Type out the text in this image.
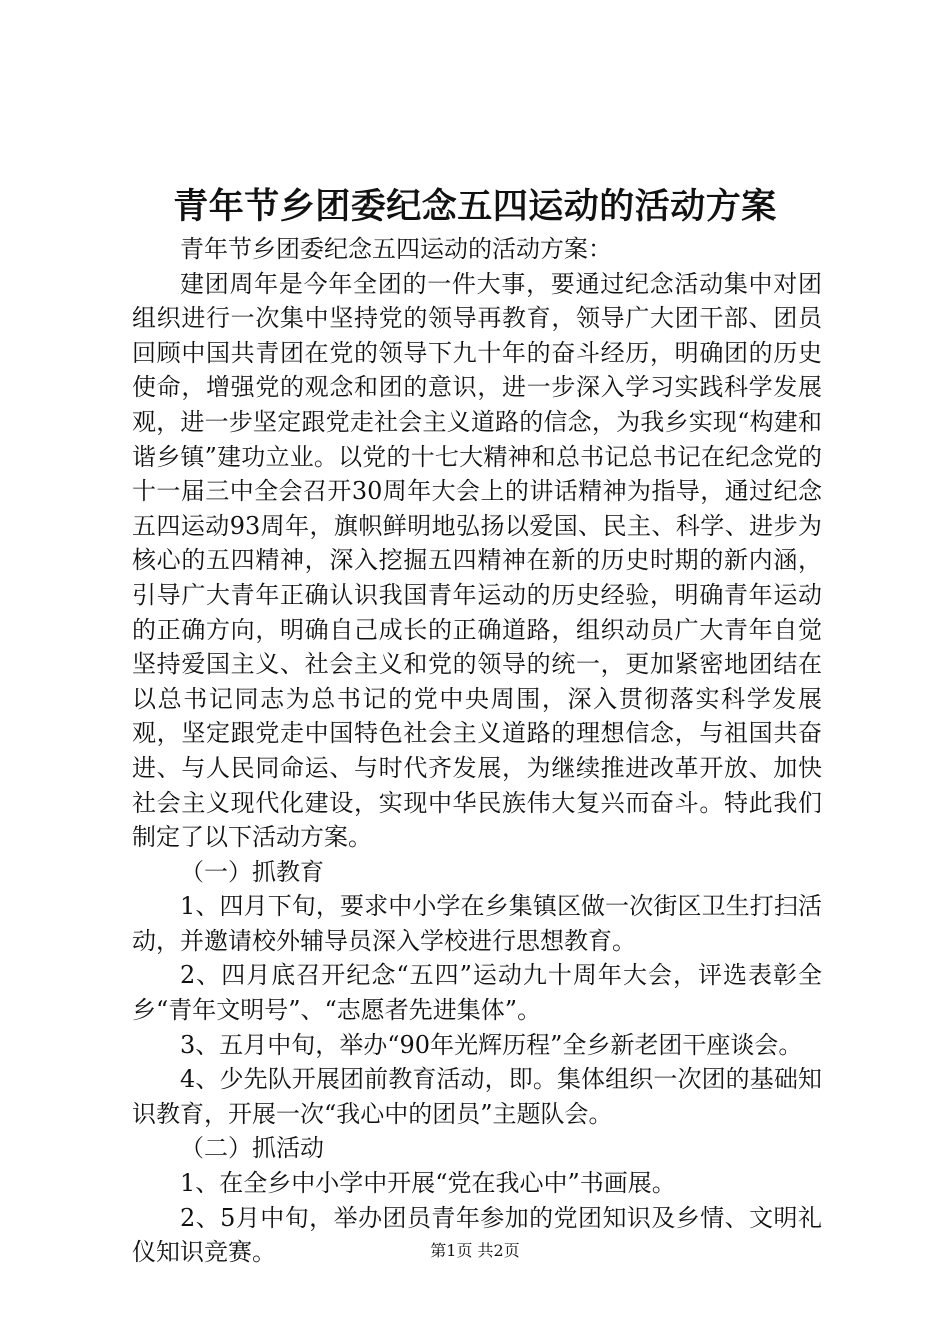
青年节乡团委纪念五四运动的活动方案

青年节乡团委纪念五四运动的活动方案：

建团周年是今年全团的一件大事，要通过纪念活动集中对团组织进行一次集中坚持党的领导再教育，领导广大团干部、团员回顾中国共青团在党的领导下九十年的奋斗经历，明确团的历史使命，增强党的观念和团的意识，进一步深入学习实践科学发展观，进一步坚定跟党走社会主义道路的信念，为我乡实现“构建和谐乡镇”建功立业。以党的十七大精神和总书记总书记在纪念党的十一届三中全会召开30周年大会上的讲话精神为指导，通过纪念五四运动93周年，旗帜鲜明地弘扬以爱国、民主、科学、进步为核心的五四精神，深入挖掘五四精神在新的历史时期的新内涵，引导广大青年正确认识我国青年运动的历史经验，明确青年运动的正确方向，明确自己成长的正确道路，组织动员广大青年自觉坚持爱国主义、社会主义和党的领导的统一，更加紧密地团结在以总书记同志为总书记的党中央周围，深入贯彻落实科学发展观，坚定跟党走中国特色社会主义道路的理想信念，与祖国共奋进、与人民同命运、与时代齐发展，为继续推进改革开放、加快社会主义现代化建设，实现中华民族伟大复兴而奋斗。特此我们制定了以下活动方案。

（一）抓教育

1、四月下旬，要求中小学在乡集镇区做一次街区卫生打扫活动，并邀请校外辅导员深入学校进行思想教育。

2、四月底召开纪念“五四”运动九十周年大会，评选表彰全乡“青年文明号”、“志愿者先进集体”。

3、五月中旬，举办“90年光辉历程”全乡新老团干座谈会。

4、少先队开展团前教育活动，即。集体组织一次团的基础知识教育，开展一次“我心中的团员”主题队会。

（二）抓活动

1、在全乡中小学中开展“党在我心中”书画展。

2、5月中旬，举办团员青年参加的党团知识及乡情、文明礼仪知识竞赛。	第1页 共2页
